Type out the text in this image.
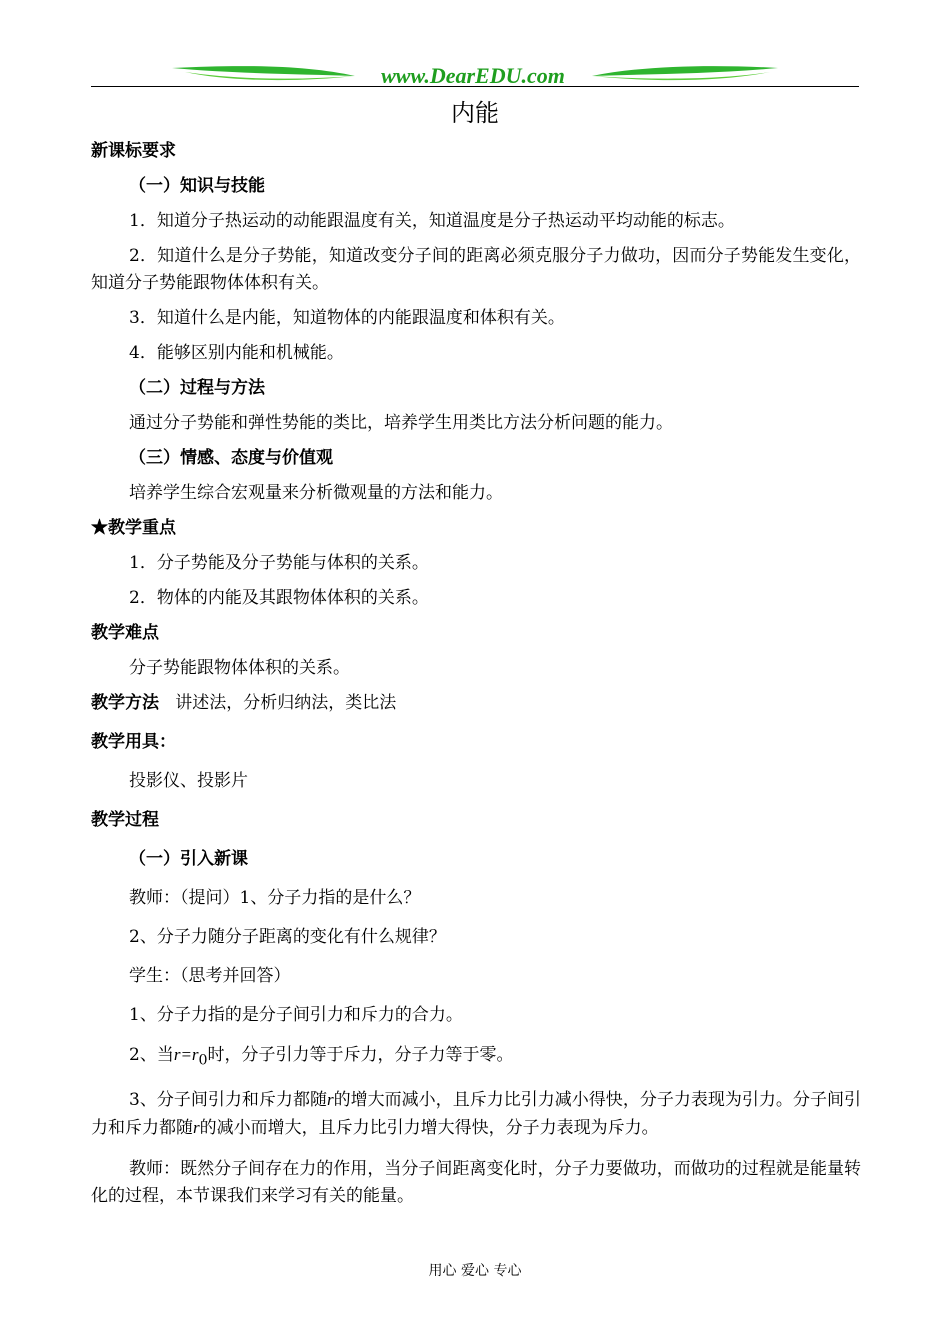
www.DearEDU.com
内能

新课标要求

（一）知识与技能

1．知道分子热运动的动能跟温度有关，知道温度是分子热运动平均动能的标志。

2．知道什么是分子势能，知道改变分子间的距离必须克服分子力做功，因而分子势能发生变化，知道分子势能跟物体体积有关。

3．知道什么是内能，知道物体的内能跟温度和体积有关。

4．能够区别内能和机械能。

（二）过程与方法

通过分子势能和弹性势能的类比，培养学生用类比方法分析问题的能力。

（三）情感、态度与价值观

培养学生综合宏观量来分析微观量的方法和能力。

★教学重点

1．分子势能及分子势能与体积的关系。

2．物体的内能及其跟物体体积的关系。

教学难点

分子势能跟物体体积的关系。

教学方法 讲述法，分析归纳法，类比法

教学用具：

投影仪、投影片

教学过程

（一）引入新课

教师：（提问）1、分子力指的是什么？

2、分子力随分子距离的变化有什么规律？

学生：（思考并回答）

1、分子力指的是分子间引力和斥力的合力。

2、当$r=r_0$时，分子引力等于斥力，分子力等于零。

3、分子间引力和斥力都随r的增大而减小，且斥力比引力减小得快，分子力表现为引力。分子间引力和斥力都随r的减小而增大，且斥力比引力增大得快，分子力表现为斥力。

教师：既然分子间存在力的作用，当分子间距离变化时，分子力要做功，而做功的过程就是能量转化的过程，本节课我们来学习有关的能量。

用心 爱心 专心
